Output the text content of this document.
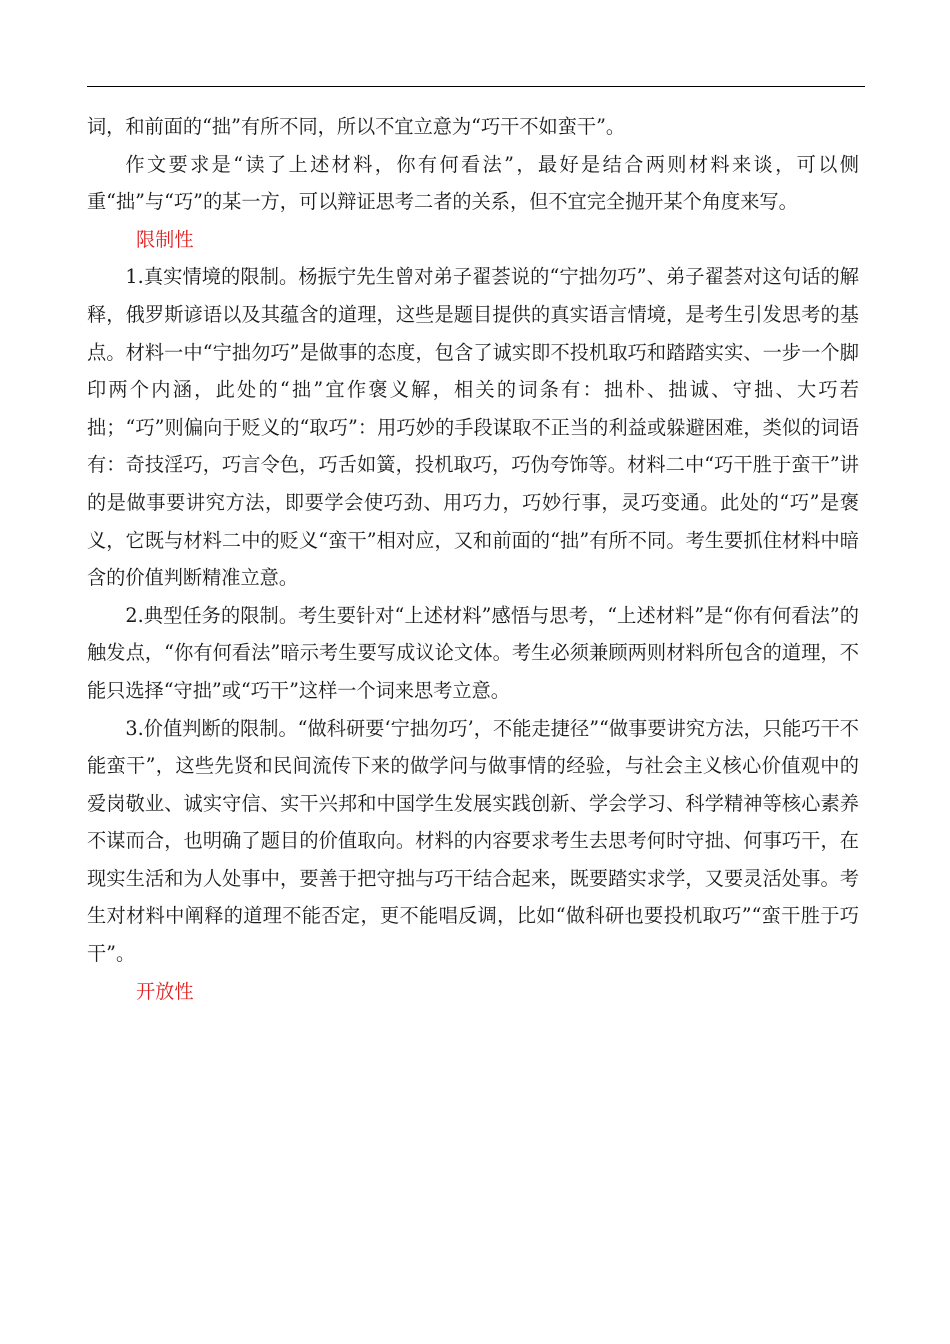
词，和前面的“拙”有所不同，所以不宜立意为“巧干不如蛮干”。

作文要求是“读了上述材料，你有何看法”，最好是结合两则材料来谈，可以侧重“拙”与“巧”的某一方，可以辩证思考二者的关系，但不宜完全抛开某个角度来写。

限制性

1.真实情境的限制。杨振宁先生曾对弟子翟荟说的“宁拙勿巧”、弟子翟荟对这句话的解释，俄罗斯谚语以及其蕴含的道理，这些是题目提供的真实语言情境，是考生引发思考的基点。材料一中“宁拙勿巧”是做事的态度，包含了诚实即不投机取巧和踏踏实实、一步一个脚印两个内涵，此处的“拙”宜作褒义解，相关的词条有：拙朴、拙诚、守拙、大巧若拙；“巧”则偏向于贬义的“取巧”：用巧妙的手段谋取不正当的利益或躲避困难，类似的词语有：奇技淫巧，巧言令色，巧舌如簧，投机取巧，巧伪夸饰等。材料二中“巧干胜于蛮干”讲的是做事要讲究方法，即要学会使巧劲、用巧力，巧妙行事，灵巧变通。此处的“巧”是褒义，它既与材料二中的贬义“蛮干”相对应，又和前面的“拙”有所不同。考生要抓住材料中暗含的价值判断精准立意。

2.典型任务的限制。考生要针对“上述材料”感悟与思考，“上述材料”是“你有何看法”的触发点，“你有何看法”暗示考生要写成议论文体。考生必须兼顾两则材料所包含的道理，不能只选择“守拙”或“巧干”这样一个词来思考立意。

3.价值判断的限制。“做科研要‘宁拙勿巧’，不能走捷径”“做事要讲究方法，只能巧干不能蛮干”，这些先贤和民间流传下来的做学问与做事情的经验，与社会主义核心价值观中的爱岗敬业、诚实守信、实干兴邦和中国学生发展实践创新、学会学习、科学精神等核心素养不谋而合，也明确了题目的价值取向。材料的内容要求考生去思考何时守拙、何事巧干，在现实生活和为人处事中，要善于把守拙与巧干结合起来，既要踏实求学，又要灵活处事。考生对材料中阐释的道理不能否定，更不能唱反调，比如“做科研也要投机取巧”“蛮干胜于巧干”。

开放性
